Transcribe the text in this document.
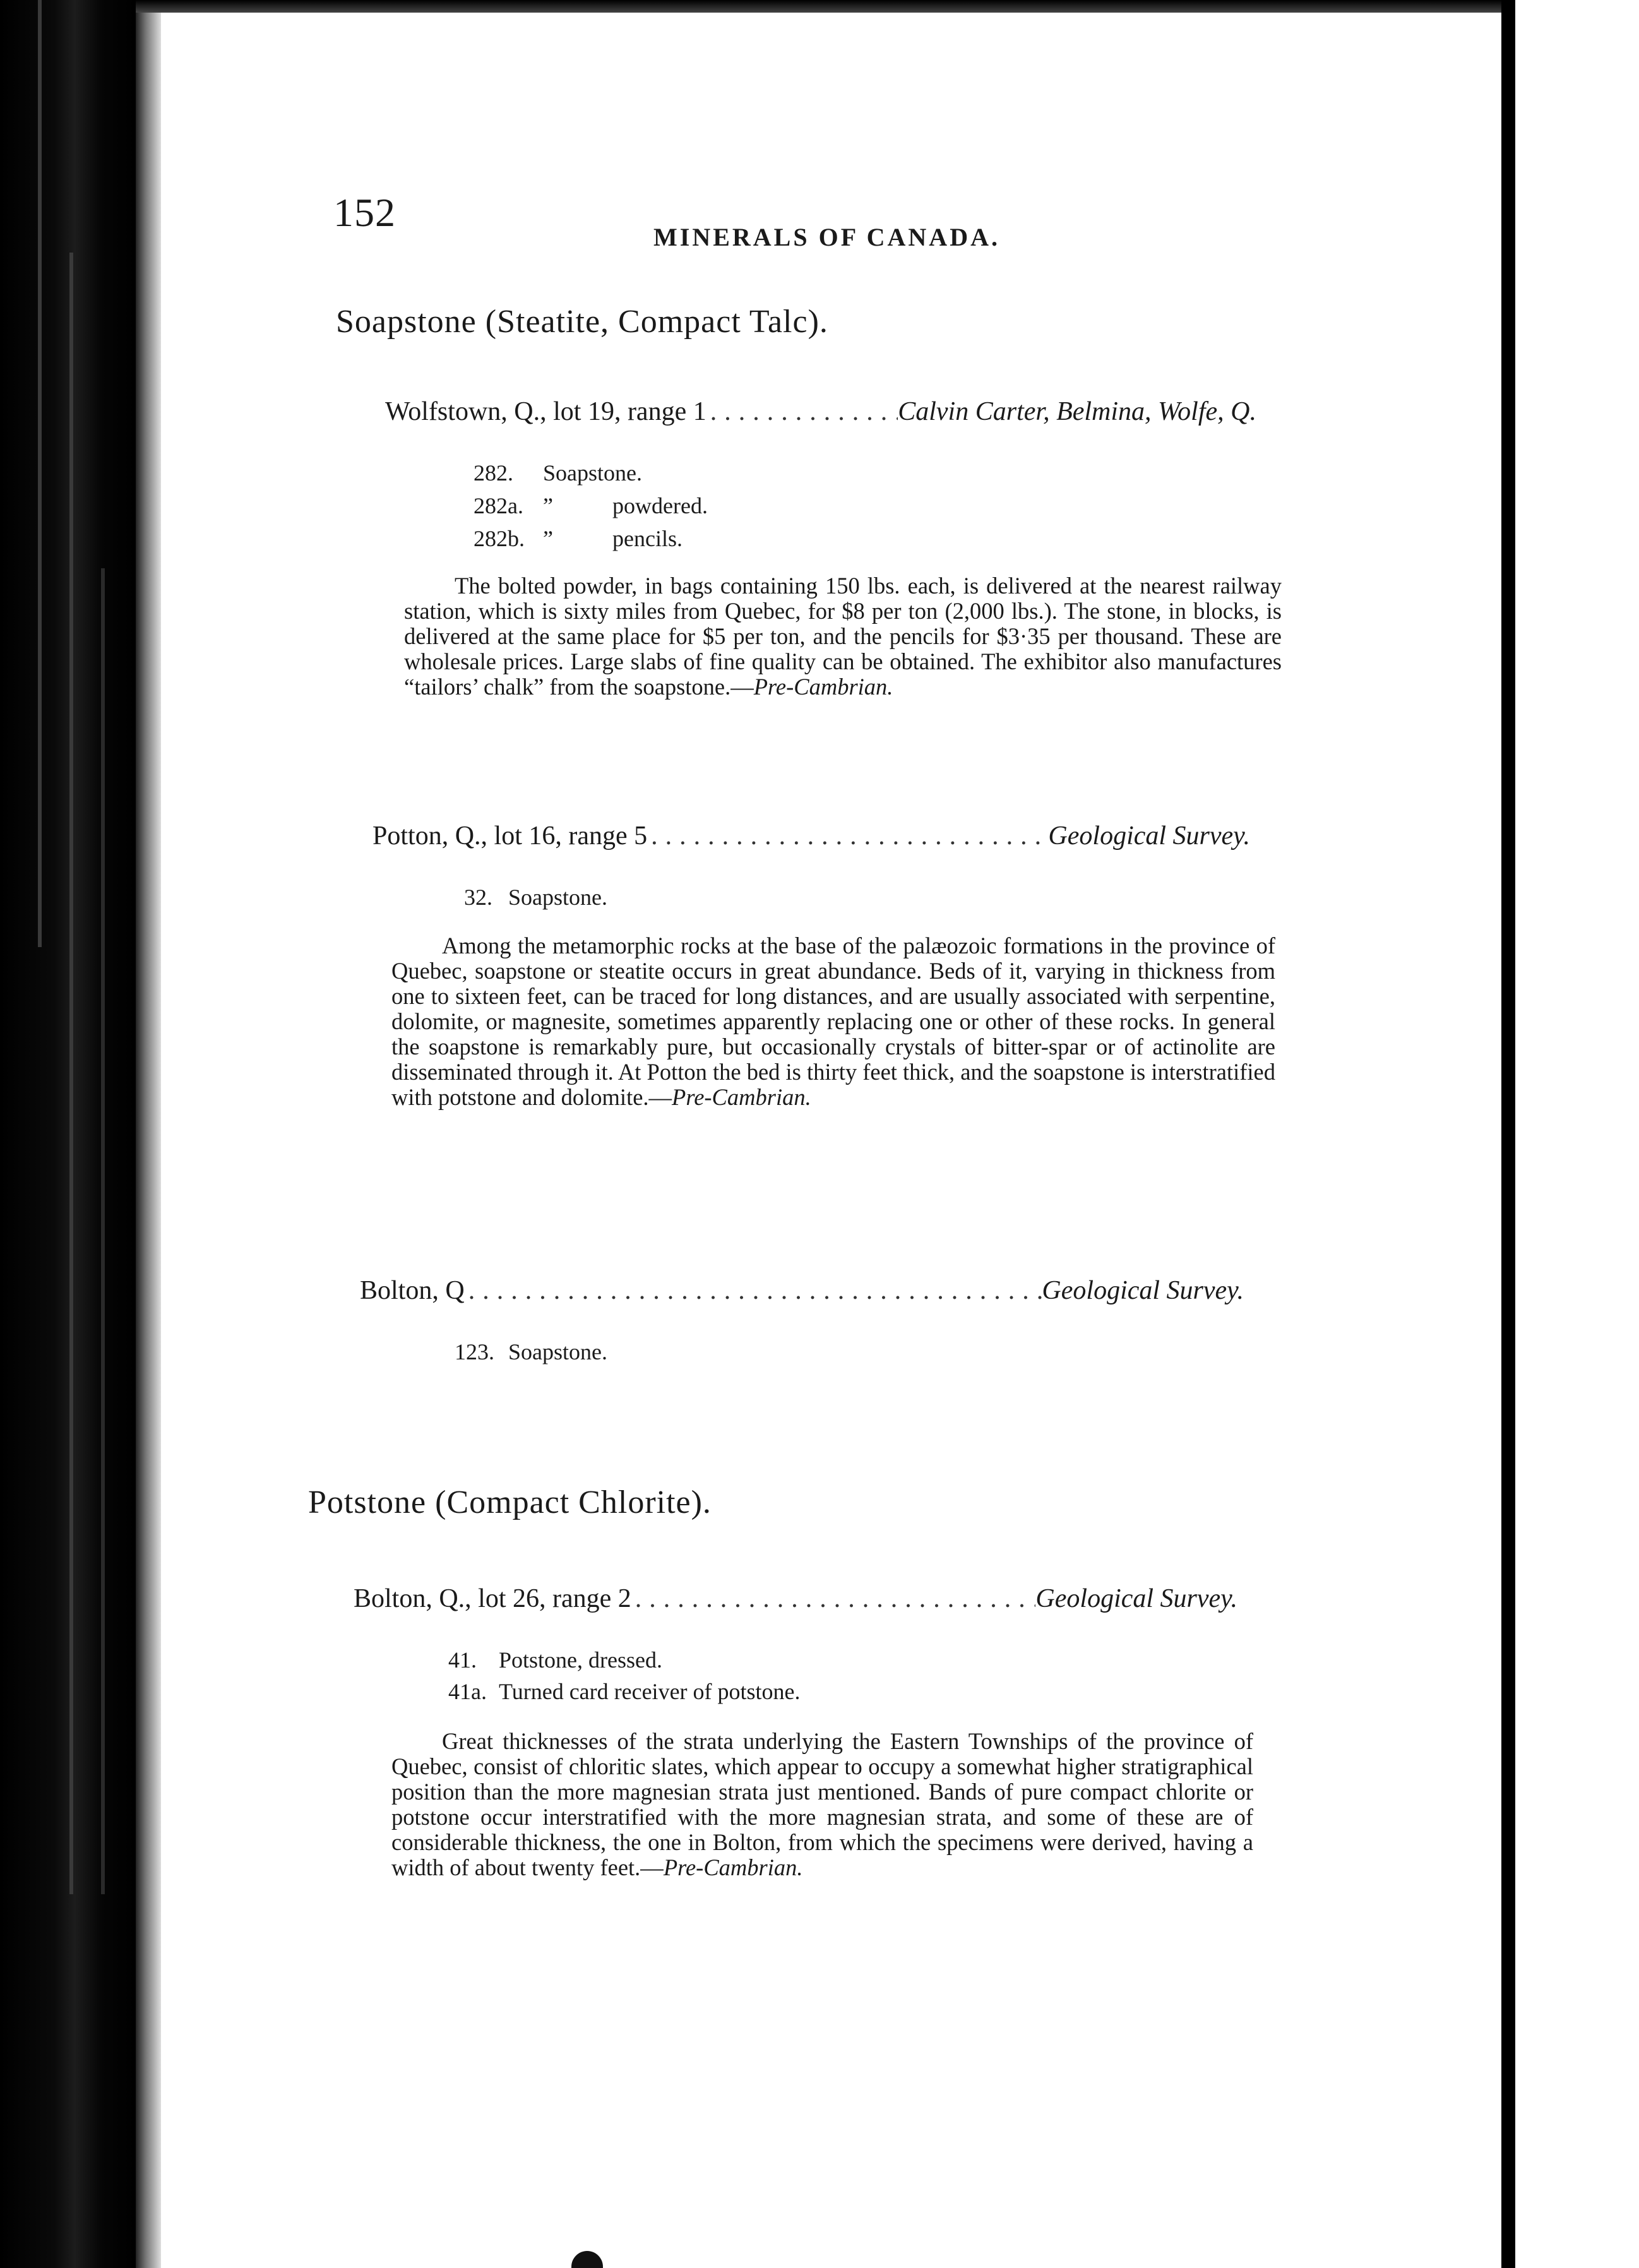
152
MINERALS OF CANADA.
Soapstone (Steatite, Compact Talc).
Wolfstown, Q., lot 19, range 1 .....	Calvin Carter, Belmina, Wolfe, Q.
282. Soapstone.
282a. ”	powdered.
282b. ”	pencils.
The bolted powder, in bags containing 150 lbs. each, is delivered at the nearest railway station, which is sixty miles from Quebec, for $8 per ton (2,000 lbs.). The stone, in blocks, is delivered at the same place for $5 per ton, and the pencils for $3·35 per thousand. These are wholesale prices. Large slabs of fine quality can be obtained. The exhibitor also manufactures “tailors’ chalk” from the soapstone.—Pre-Cambrian.
Potton, Q., lot 16, range 5 .....	Geological Survey.
32. Soapstone.
Among the metamorphic rocks at the base of the palæozoic formations in the province of Quebec, soapstone or steatite occurs in great abundance. Beds of it, varying in thickness from one to sixteen feet, can be traced for long distances, and are usually associated with serpentine, dolomite, or magnesite, sometimes apparently replacing one or other of these rocks. In general the soapstone is remarkably pure, but occasionally crystals of bitter-spar or of actinolite are disseminated through it. At Potton the bed is thirty feet thick, and the soapstone is interstratified with potstone and dolomite.—Pre-Cambrian.
Bolton, Q .....	Geological Survey.
123. Soapstone.
Potstone (Compact Chlorite).
Bolton, Q., lot 26, range 2 .....	Geological Survey.
41. Potstone, dressed.
41a. Turned card receiver of potstone.
Great thicknesses of the strata underlying the Eastern Townships of the province of Quebec, consist of chloritic slates, which appear to occupy a somewhat higher stratigraphical position than the more magnesian strata just mentioned. Bands of pure compact chlorite or potstone occur interstratified with the more magnesian strata, and some of these are of considerable thickness, the one in Bolton, from which the specimens were derived, having a width of about twenty feet.—Pre-Cambrian.
